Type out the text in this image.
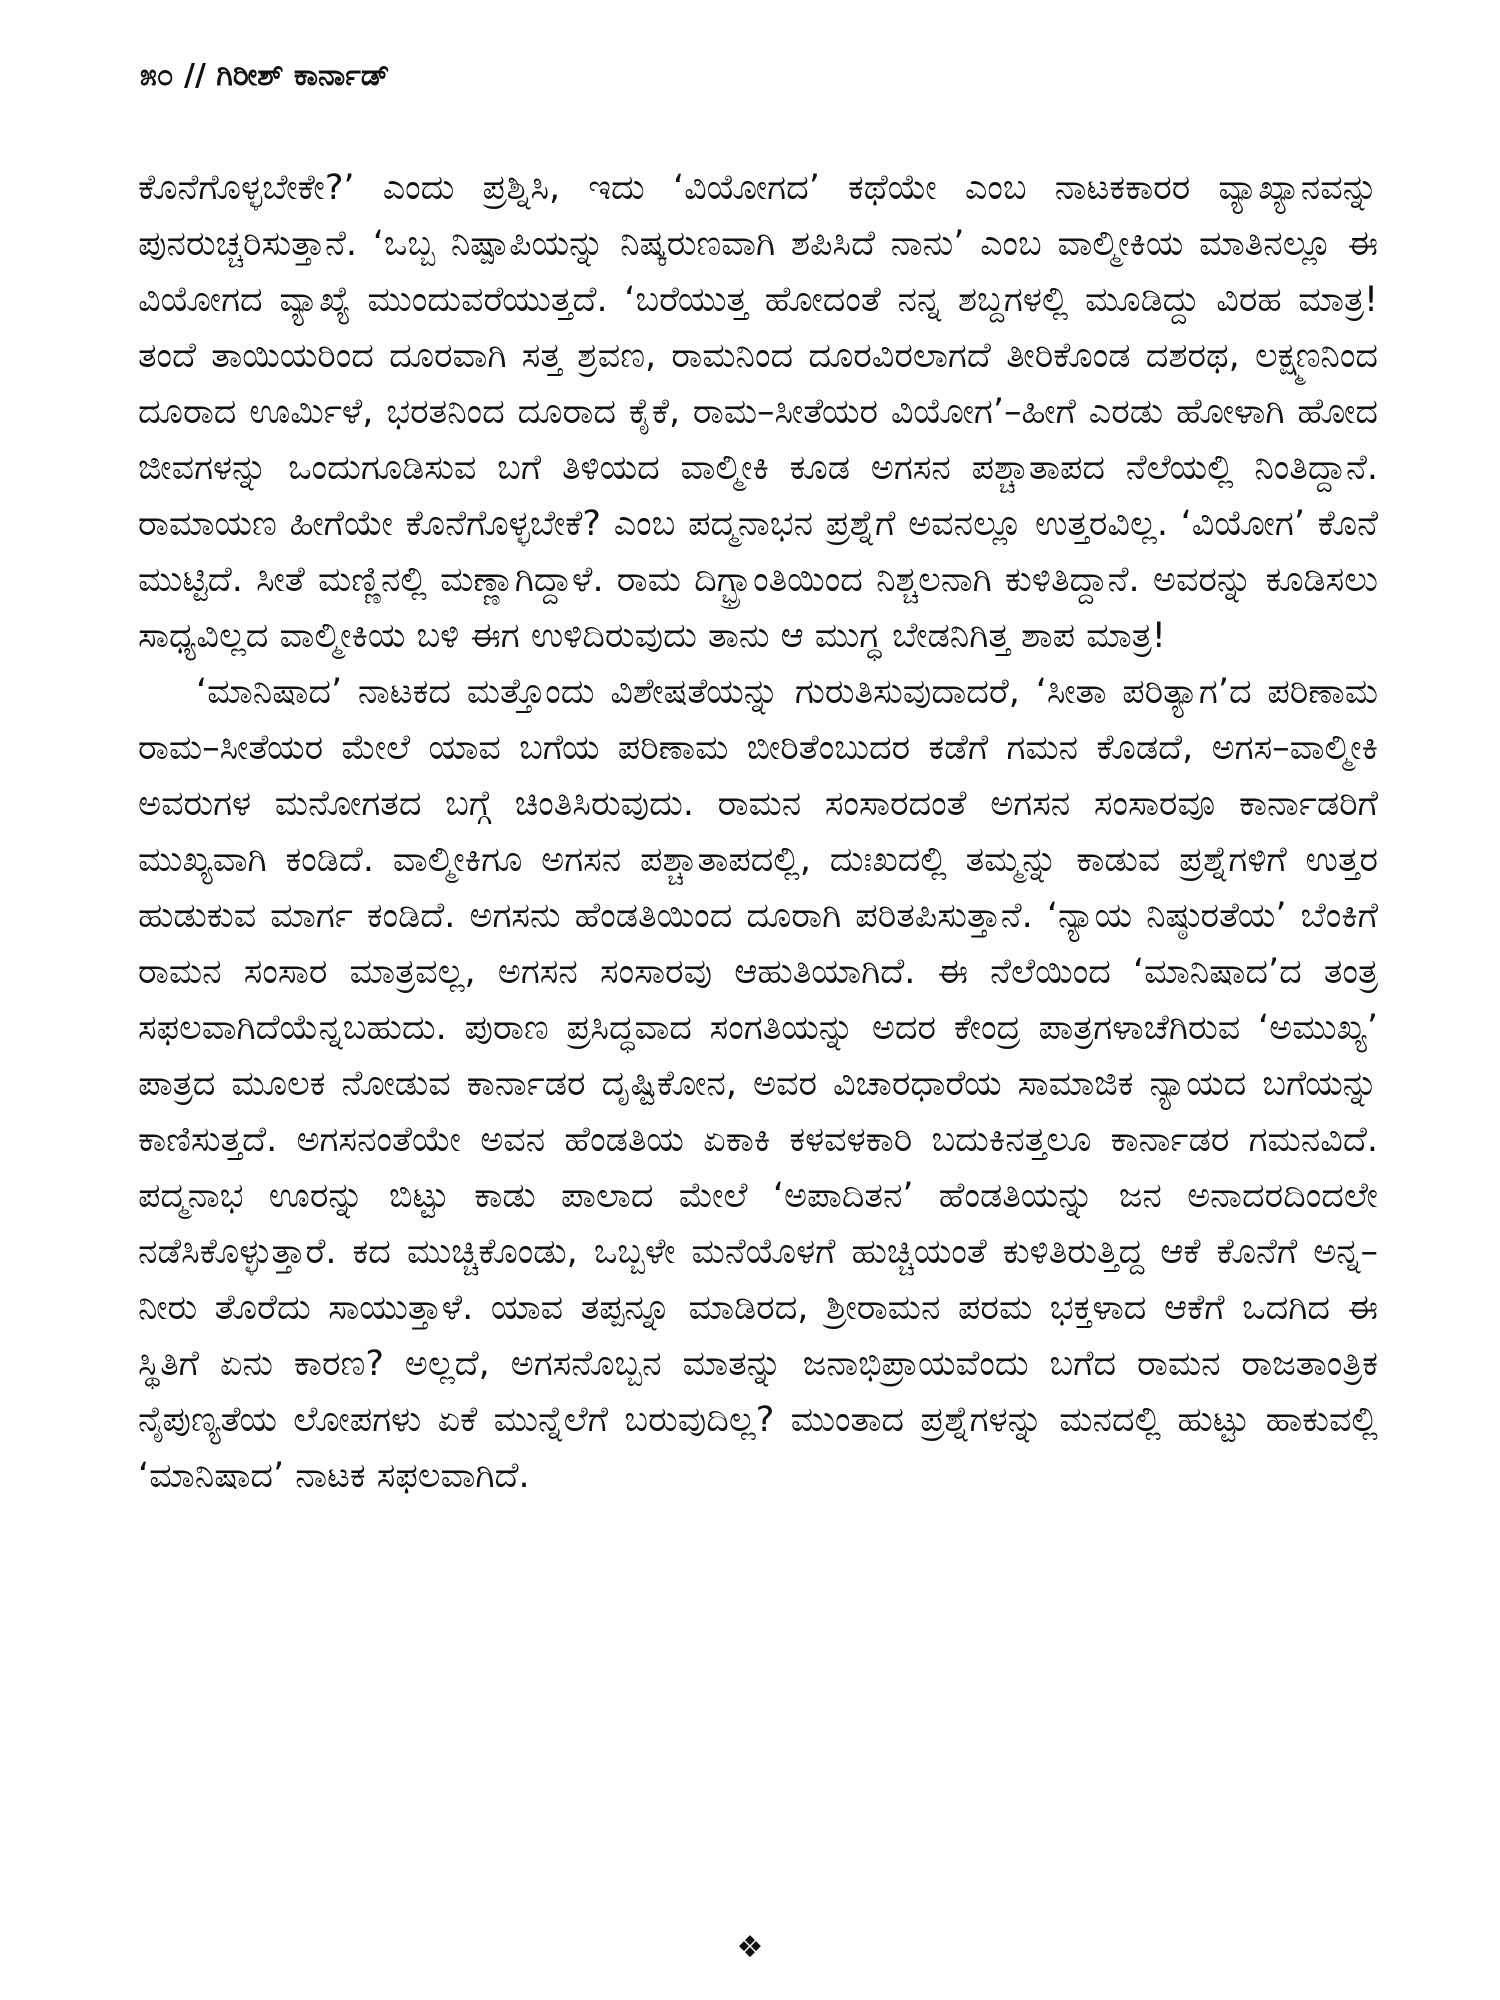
೫೦ // ಗಿರೀಶ್ ಕಾರ್ನಾಡ್

ಕೊನೆಗೊಳ್ಳಬೇಕೇ?’ ಎಂದು ಪ್ರಶ್ನಿಸಿ, ಇದು ‘ವಿಯೋಗದ’ ಕಥೆಯೇ ಎಂಬ ನಾಟಕಕಾರರ ವ್ಯಾಖ್ಯಾನವನ್ನು ಪುನರುಚ್ಚರಿಸುತ್ತಾನೆ. ‘ಒಬ್ಬ ನಿಷ್ಪಾಪಿಯನ್ನು ನಿಷ್ಕರುಣವಾಗಿ ಶಪಿಸಿದೆ ನಾನು’ ಎಂಬ ವಾಲ್ಮೀಕಿಯ ಮಾತಿನಲ್ಲೂ ಈ ವಿಯೋಗದ ವ್ಯಾಖ್ಯೆ ಮುಂದುವರೆಯುತ್ತದೆ. ‘ಬರೆಯುತ್ತ ಹೋದಂತೆ ನನ್ನ ಶಬ್ದಗಳಲ್ಲಿ ಮೂಡಿದ್ದು ವಿರಹ ಮಾತ್ರ! ತಂದೆ ತಾಯಿಯರಿಂದ ದೂರವಾಗಿ ಸತ್ತ ಶ್ರವಣ, ರಾಮನಿಂದ ದೂರವಿರಲಾಗದೆ ತೀರಿಕೊಂಡ ದಶರಥ, ಲಕ್ಷ್ಮಣನಿಂದ ದೂರಾದ ಊರ್ಮಿಳೆ, ಭರತನಿಂದ ದೂರಾದ ಕೈಕೆ, ರಾಮ–ಸೀತೆಯರ ವಿಯೋಗ’–ಹೀಗೆ ಎರಡು ಹೋಳಾಗಿ ಹೋದ ಜೀವಗಳನ್ನು ಒಂದುಗೂಡಿಸುವ ಬಗೆ ತಿಳಿಯದ ವಾಲ್ಮೀಕಿ ಕೂಡ ಅಗಸನ ಪಶ್ಚಾತಾಪದ ನೆಲೆಯಲ್ಲಿ ನಿಂತಿದ್ದಾನೆ. ರಾಮಾಯಣ ಹೀಗೆಯೇ ಕೊನೆಗೊಳ್ಳಬೇಕೆ? ಎಂಬ ಪದ್ಮನಾಭನ ಪ್ರಶ್ನೆಗೆ ಅವನಲ್ಲೂ ಉತ್ತರವಿಲ್ಲ. ‘ವಿಯೋಗ’ ಕೊನೆ ಮುಟ್ಟಿದೆ. ಸೀತೆ ಮಣ್ಣಿನಲ್ಲಿ ಮಣ್ಣಾಗಿದ್ದಾಳೆ. ರಾಮ ದಿಗ್ಭ್ರಾಂತಿಯಿಂದ ನಿಶ್ಚಲನಾಗಿ ಕುಳಿತಿದ್ದಾನೆ. ಅವರನ್ನು ಕೂಡಿಸಲು ಸಾಧ್ಯವಿಲ್ಲದ ವಾಲ್ಮೀಕಿಯ ಬಳಿ ಈಗ ಉಳಿದಿರುವುದು ತಾನು ಆ ಮುಗ್ಧ ಬೇಡನಿಗಿತ್ತ ಶಾಪ ಮಾತ್ರ!

‘ಮಾನಿಷಾದ’ ನಾಟಕದ ಮತ್ತೊಂದು ವಿಶೇಷತೆಯನ್ನು ಗುರುತಿಸುವುದಾದರೆ, ‘ಸೀತಾ ಪರಿತ್ಯಾಗ’ದ ಪರಿಣಾಮ ರಾಮ–ಸೀತೆಯರ ಮೇಲೆ ಯಾವ ಬಗೆಯ ಪರಿಣಾಮ ಬೀರಿತೆಂಬುದರ ಕಡೆಗೆ ಗಮನ ಕೊಡದೆ, ಅಗಸ–ವಾಲ್ಮೀಕಿ ಅವರುಗಳ ಮನೋಗತದ ಬಗ್ಗೆ ಚಿಂತಿಸಿರುವುದು. ರಾಮನ ಸಂಸಾರದಂತೆ ಅಗಸನ ಸಂಸಾರವೂ ಕಾರ್ನಾಡರಿಗೆ ಮುಖ್ಯವಾಗಿ ಕಂಡಿದೆ. ವಾಲ್ಮೀಕಿಗೂ ಅಗಸನ ಪಶ್ಚಾತಾಪದಲ್ಲಿ, ದುಃಖದಲ್ಲಿ ತಮ್ಮನ್ನು ಕಾಡುವ ಪ್ರಶ್ನೆಗಳಿಗೆ ಉತ್ತರ ಹುಡುಕುವ ಮಾರ್ಗ ಕಂಡಿದೆ. ಅಗಸನು ಹೆಂಡತಿಯಿಂದ ದೂರಾಗಿ ಪರಿತಪಿಸುತ್ತಾನೆ. ‘ನ್ಯಾಯ ನಿಷ್ಠುರತೆಯ’ ಬೆಂಕಿಗೆ ರಾಮನ ಸಂಸಾರ ಮಾತ್ರವಲ್ಲ, ಅಗಸನ ಸಂಸಾರವು ಆಹುತಿಯಾಗಿದೆ. ಈ ನೆಲೆಯಿಂದ ‘ಮಾನಿಷಾದ’ದ ತಂತ್ರ ಸಫಲವಾಗಿದೆಯೆನ್ನಬಹುದು. ಪುರಾಣ ಪ್ರಸಿದ್ಧವಾದ ಸಂಗತಿಯನ್ನು ಅದರ ಕೇಂದ್ರ ಪಾತ್ರಗಳಾಚೆಗಿರುವ ‘ಅಮುಖ್ಯ’ ಪಾತ್ರದ ಮೂಲಕ ನೋಡುವ ಕಾರ್ನಾಡರ ದೃಷ್ಟಿಕೋನ, ಅವರ ವಿಚಾರಧಾರೆಯ ಸಾಮಾಜಿಕ ನ್ಯಾಯದ ಬಗೆಯನ್ನು ಕಾಣಿಸುತ್ತದೆ. ಅಗಸನಂತೆಯೇ ಅವನ ಹೆಂಡತಿಯ ಏಕಾಕಿ ಕಳವಳಕಾರಿ ಬದುಕಿನತ್ತಲೂ ಕಾರ್ನಾಡರ ಗಮನವಿದೆ. ಪದ್ಮನಾಭ ಊರನ್ನು ಬಿಟ್ಟು ಕಾಡು ಪಾಲಾದ ಮೇಲೆ ‘ಅಪಾದಿತನ’ ಹೆಂಡತಿಯನ್ನು ಜನ ಅನಾದರದಿಂದಲೇ ನಡೆಸಿಕೊಳ್ಳುತ್ತಾರೆ. ಕದ ಮುಚ್ಚಿಕೊಂಡು, ಒಬ್ಬಳೇ ಮನೆಯೊಳಗೆ ಹುಚ್ಚಿಯಂತೆ ಕುಳಿತಿರುತ್ತಿದ್ದ ಆಕೆ ಕೊನೆಗೆ ಅನ್ನ–ನೀರು ತೊರೆದು ಸಾಯುತ್ತಾಳೆ. ಯಾವ ತಪ್ಪನ್ನೂ ಮಾಡಿರದ, ಶ್ರೀರಾಮನ ಪರಮ ಭಕ್ತಳಾದ ಆಕೆಗೆ ಒದಗಿದ ಈ ಸ್ಥಿತಿಗೆ ಏನು ಕಾರಣ? ಅಲ್ಲದೆ, ಅಗಸನೊಬ್ಬನ ಮಾತನ್ನು ಜನಾಭಿಪ್ರಾಯವೆಂದು ಬಗೆದ ರಾಮನ ರಾಜತಾಂತ್ರಿಕ ನೈಪುಣ್ಯತೆಯ ಲೋಪಗಳು ಏಕೆ ಮುನ್ನೆಲೆಗೆ ಬರುವುದಿಲ್ಲ? ಮುಂತಾದ ಪ್ರಶ್ನೆಗಳನ್ನು ಮನದಲ್ಲಿ ಹುಟ್ಟು ಹಾಕುವಲ್ಲಿ ‘ಮಾನಿಷಾದ’ ನಾಟಕ ಸಫಲವಾಗಿದೆ.

❖
